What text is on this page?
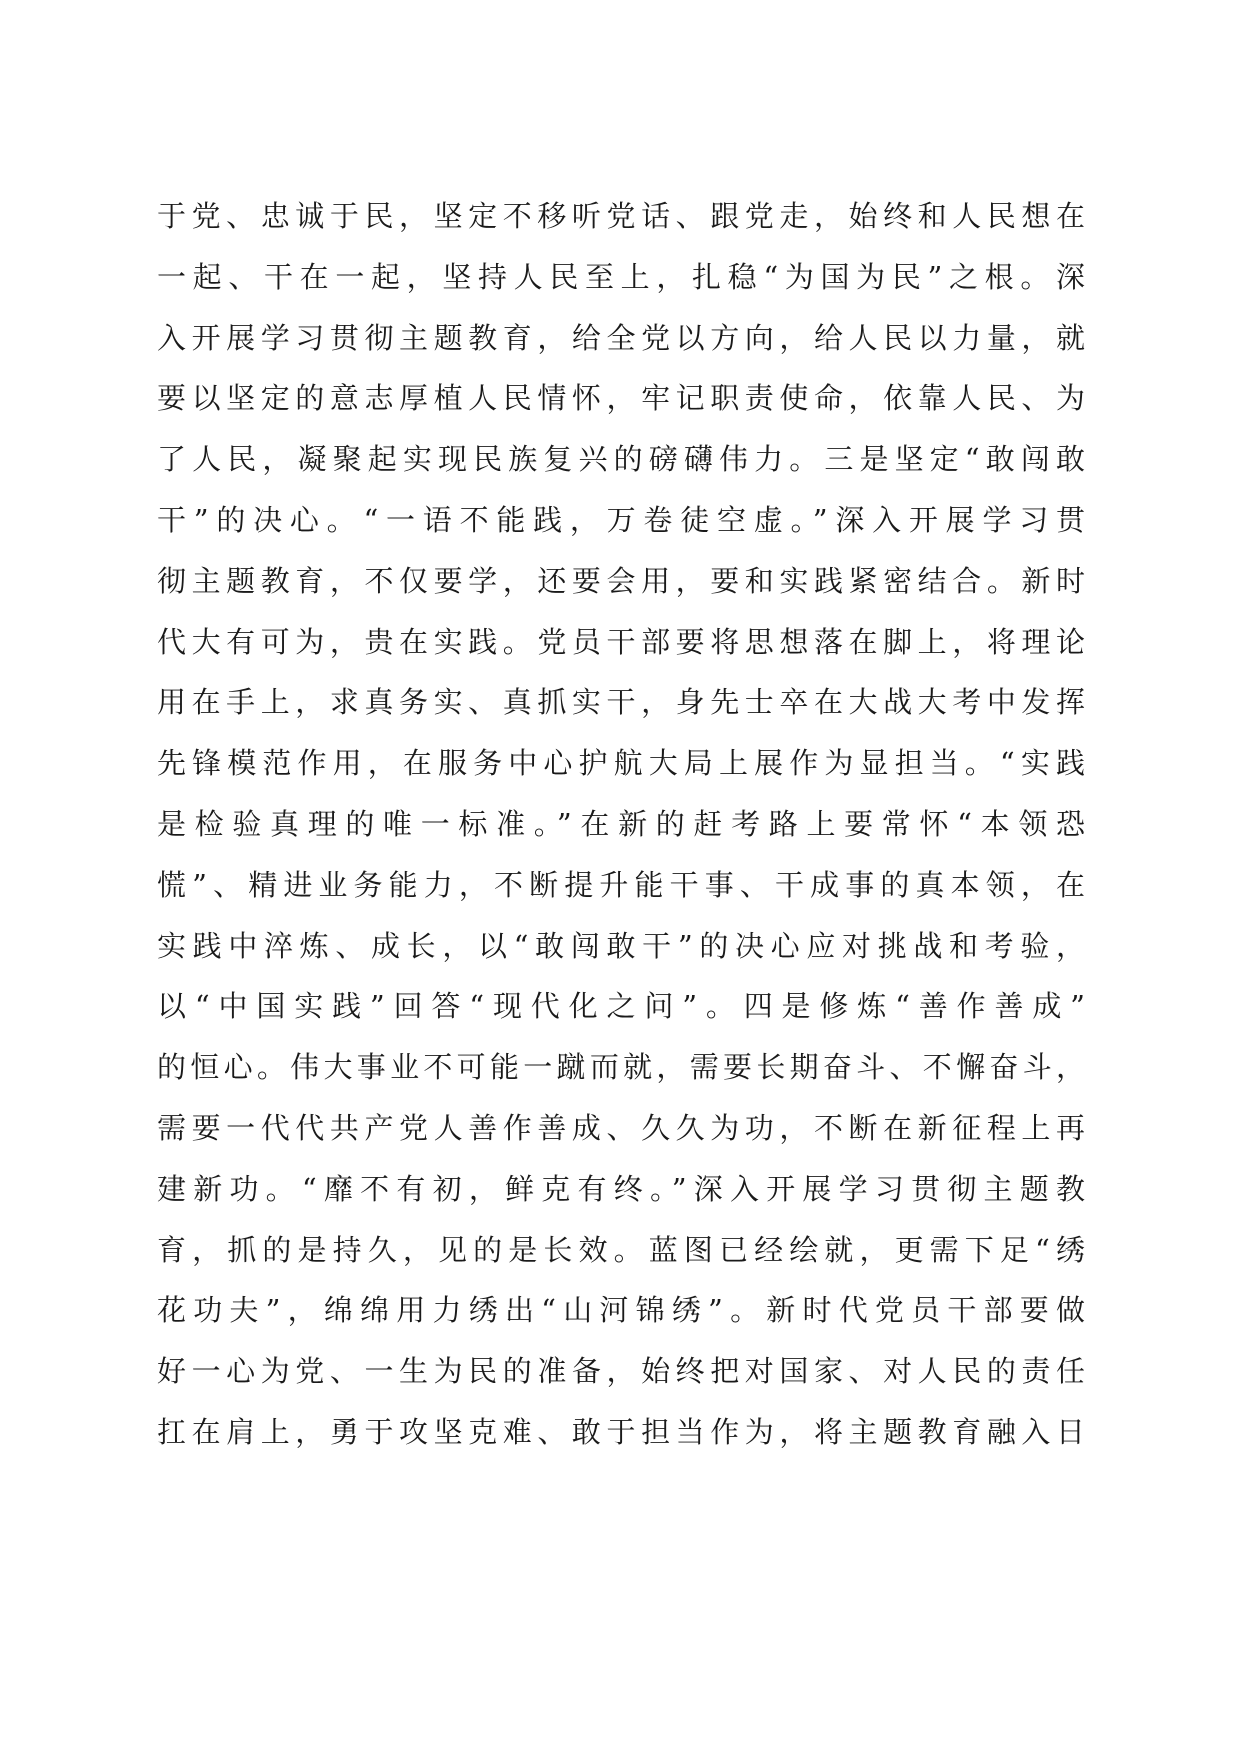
于党、忠诚于民，坚定不移听党话、跟党走，始终和人民想在
一起、干在一起，坚持人民至上，扎稳“为国为民”之根。深
入开展学习贯彻主题教育，给全党以方向，给人民以力量，就
要以坚定的意志厚植人民情怀，牢记职责使命，依靠人民、为
了人民，凝聚起实现民族复兴的磅礴伟力。三是坚定“敢闯敢
干”的决心。“一语不能践，万卷徒空虚。”深入开展学习贯
彻主题教育，不仅要学，还要会用，要和实践紧密结合。新时
代大有可为，贵在实践。党员干部要将思想落在脚上，将理论
用在手上，求真务实、真抓实干，身先士卒在大战大考中发挥
先锋模范作用，在服务中心护航大局上展作为显担当。“实践
是检验真理的唯一标准。”在新的赶考路上要常怀“本领恐
慌”、精进业务能力，不断提升能干事、干成事的真本领，在
实践中淬炼、成长，以“敢闯敢干”的决心应对挑战和考验，
以“中国实践”回答“现代化之问”。四是修炼“善作善成”
的恒心。伟大事业不可能一蹴而就，需要长期奋斗、不懈奋斗，
需要一代代共产党人善作善成、久久为功，不断在新征程上再
建新功。“靡不有初，鲜克有终。”深入开展学习贯彻主题教
育，抓的是持久，见的是长效。蓝图已经绘就，更需下足“绣
花功夫”，绵绵用力绣出“山河锦绣”。新时代党员干部要做
好一心为党、一生为民的准备，始终把对国家、对人民的责任
扛在肩上，勇于攻坚克难、敢于担当作为，将主题教育融入日
